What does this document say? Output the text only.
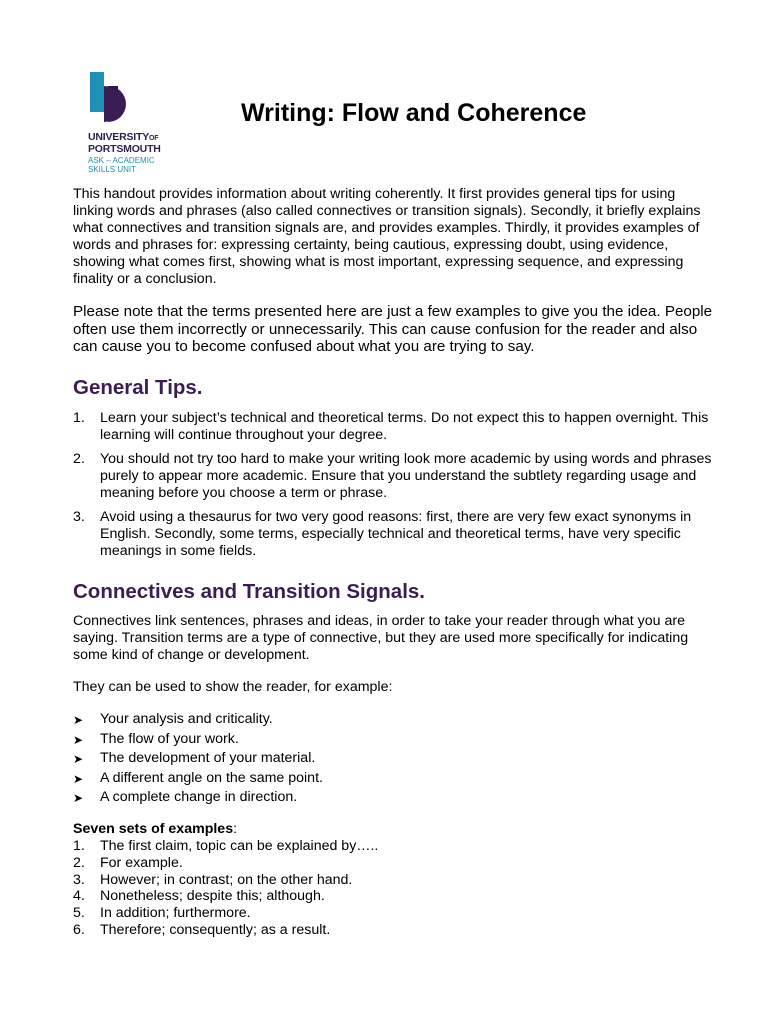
UNIVERSITYOF
PORTSMOUTH
ASK – ACADEMIC
SKILLS UNIT
Writing: Flow and Coherence

This handout provides information about writing coherently. It first provides general tips for using linking words and phrases (also called connectives or transition signals). Secondly, it briefly explains what connectives and transition signals are, and provides examples. Thirdly, it provides examples of words and phrases for: expressing certainty, being cautious, expressing doubt, using evidence, showing what comes first, showing what is most important, expressing sequence, and expressing finality or a conclusion.

Please note that the terms presented here are just a few examples to give you the idea. People often use them incorrectly or unnecessarily. This can cause confusion for the reader and also can cause you to become confused about what you are trying to say.

General Tips.
1. Learn your subject’s technical and theoretical terms. Do not expect this to happen overnight. This learning will continue throughout your degree.
2. You should not try too hard to make your writing look more academic by using words and phrases purely to appear more academic. Ensure that you understand the subtlety regarding usage and meaning before you choose a term or phrase.
3. Avoid using a thesaurus for two very good reasons: first, there are very few exact synonyms in English. Secondly, some terms, especially technical and theoretical terms, have very specific meanings in some fields.
Connectives and Transition Signals.

Connectives link sentences, phrases and ideas, in order to take your reader through what you are saying. Transition terms are a type of connective, but they are used more specifically for indicating some kind of change or development.

They can be used to show the reader, for example:

➤ Your analysis and criticality.
➤ The flow of your work.
➤ The development of your material.
➤ A different angle on the same point.
➤ A complete change in direction.
Seven sets of examples:
1. The first claim, topic can be explained by…..
2. For example.
3. However; in contrast; on the other hand.
4. Nonetheless; despite this; although.
5. In addition; furthermore.
6. Therefore; consequently; as a result.
